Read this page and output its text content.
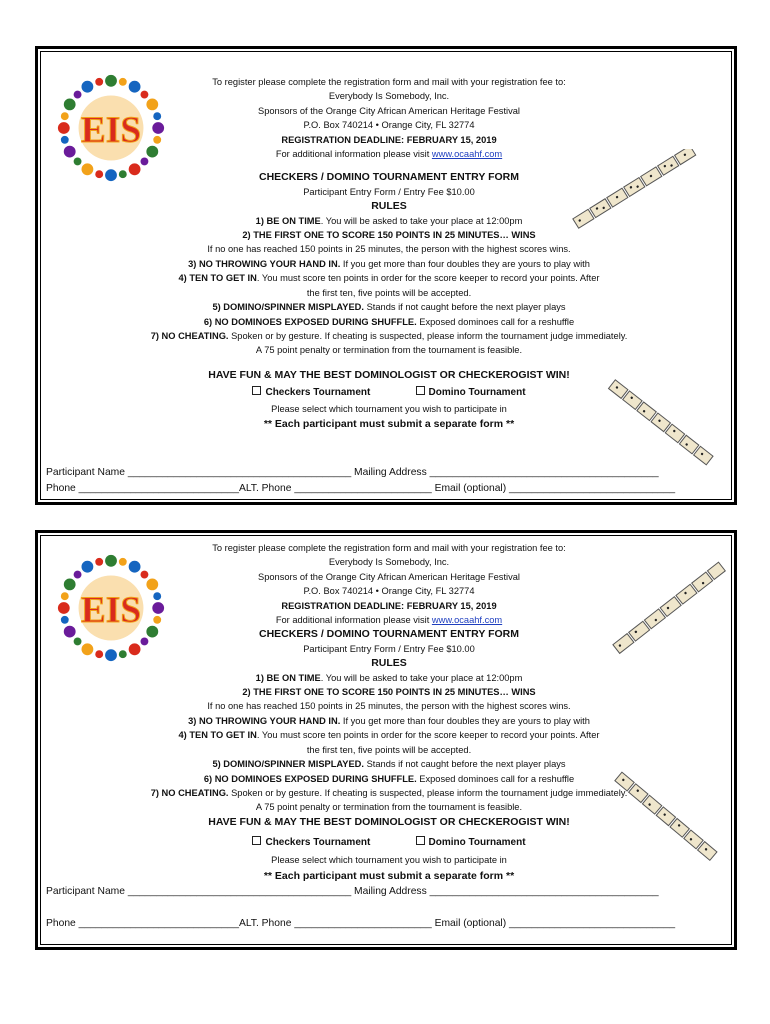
EIS
To register please complete the registration form and mail with your registration fee to:
Everybody Is Somebody, Inc.
Sponsors of the Orange City African American Heritage Festival
P.O. Box 740214 • Orange City, FL 32774
REGISTRATION DEADLINE: FEBRUARY 15, 2019
For additional information please visit www.ocaahf.com
CHECKERS / DOMINO TOURNAMENT ENTRY FORM
Participant Entry Form / Entry Fee $10.00
RULES
1) BE ON TIME. You will be asked to take your place at 12:00pm
2) THE FIRST ONE TO SCORE 150 POINTS IN 25 MINUTES… WINS
If no one has reached 150 points in 25 minutes, the person with the highest scores wins.
3) NO THROWING YOUR HAND IN. If you get more than four doubles they are yours to play with
4) TEN TO GET IN. You must score ten points in order for the score keeper to record your points. After
the first ten, five points will be accepted.
5) DOMINO/SPINNER MISPLAYED. Stands if not caught before the next player plays
6) NO DOMINOES EXPOSED DURING SHUFFLE. Exposed dominoes call for a reshuffle
7) NO CHEATING. Spoken or by gesture. If cheating is suspected, please inform the tournament judge immediately.
A 75 point penalty or termination from the tournament is feasible.
HAVE FUN & MAY THE BEST DOMINOLOGIST OR CHECKEROGIST WIN!
Checkers Tournament	Domino Tournament
Please select which tournament you wish to participate in
** Each participant must submit a separate form **
Participant Name _______________________________________ Mailing Address ________________________________________
Phone ____________________________ALT. Phone ________________________ Email (optional) _____________________________
EIS
To register please complete the registration form and mail with your registration fee to:
Everybody Is Somebody, Inc.
Sponsors of the Orange City African American Heritage Festival
P.O. Box 740214 • Orange City, FL 32774
REGISTRATION DEADLINE: FEBRUARY 15, 2019
For additional information please visit www.ocaahf.com
CHECKERS / DOMINO TOURNAMENT ENTRY FORM
Participant Entry Form / Entry Fee $10.00
RULES
1) BE ON TIME. You will be asked to take your place at 12:00pm
2) THE FIRST ONE TO SCORE 150 POINTS IN 25 MINUTES… WINS
If no one has reached 150 points in 25 minutes, the person with the highest scores wins.
3) NO THROWING YOUR HAND IN. If you get more than four doubles they are yours to play with
4) TEN TO GET IN. You must score ten points in order for the score keeper to record your points. After
the first ten, five points will be accepted.
5) DOMINO/SPINNER MISPLAYED. Stands if not caught before the next player plays
6) NO DOMINOES EXPOSED DURING SHUFFLE. Exposed dominoes call for a reshuffle
7) NO CHEATING. Spoken or by gesture. If cheating is suspected, please inform the tournament judge immediately.
A 75 point penalty or termination from the tournament is feasible.
HAVE FUN & MAY THE BEST DOMINOLOGIST OR CHECKEROGIST WIN!
Checkers Tournament	Domino Tournament
Please select which tournament you wish to participate in
** Each participant must submit a separate form **
Participant Name _______________________________________ Mailing Address ________________________________________
Phone ____________________________ALT. Phone ________________________ Email (optional) _____________________________
